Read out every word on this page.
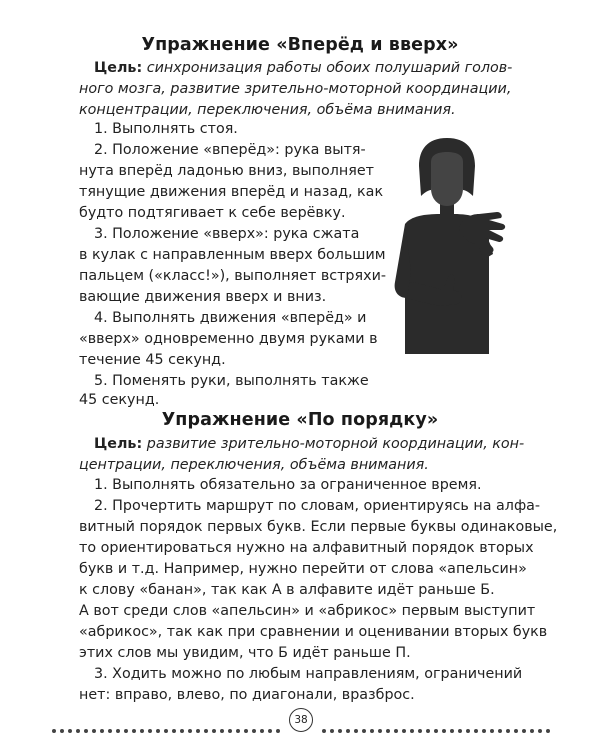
Упражнение «Вперёд и вверх»
Цель: синхронизация работы обоих полушарий голов-
ного мозга, развитие зрительно-моторной координации,
концентрации, переключения, объёма внимания.
1. Выполнять стоя.
2. Положение «вперёд»: рука вытя-
нута вперёд ладонью вниз, выполняет
тянущие движения вперёд и назад, как
будто подтягивает к себе верёвку.
3. Положение «вверх»: рука сжата
в кулак с направленным вверх большим
пальцем («класс!»), выполняет встряхи-
вающие движения вверх и вниз.
4. Выполнять движения «вперёд» и
«вверх» одновременно двумя руками в
течение 45 секунд.
5. Поменять руки, выполнять также
45 секунд.
Упражнение «По порядку»
Цель: развитие зрительно-моторной координации, кон-
центрации, переключения, объёма внимания.
1. Выполнять обязательно за ограниченное время.
2. Прочертить маршрут по словам, ориентируясь на алфа-
витный порядок первых букв. Если первые буквы одинаковые,
то ориентироваться нужно на алфавитный порядок вторых
букв и т.д. Например, нужно перейти от слова «апельсин»
к слову «банан», так как А в алфавите идёт раньше Б.
А вот среди слов «апельсин» и «абрикос» первым выступит
«абрикос», так как при сравнении и оценивании вторых букв
этих слов мы увидим, что Б идёт раньше П.
3. Ходить можно по любым направлениям, ограничений
нет: вправо, влево, по диагонали, вразброс.
38
